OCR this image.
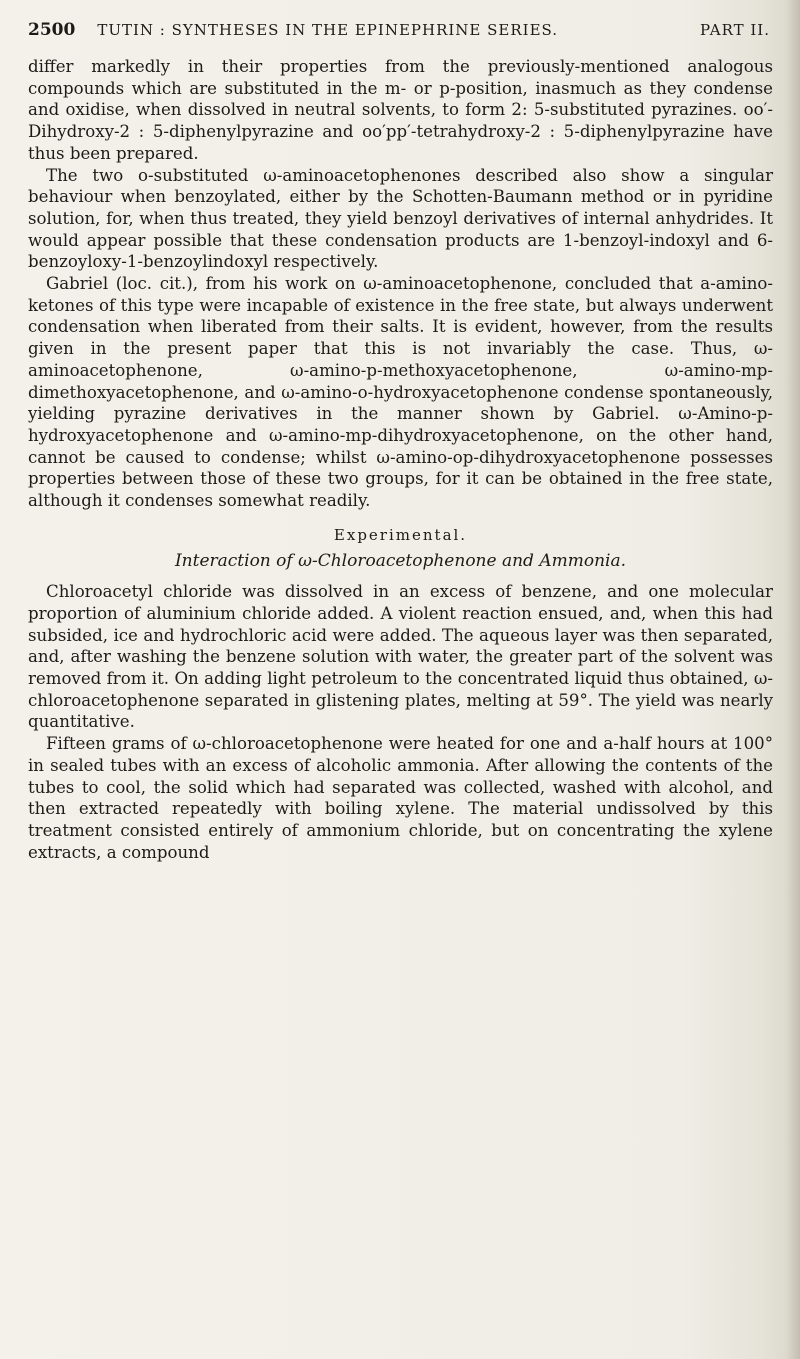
2500 TUTIN : SYNTHESES IN THE EPINEPHRINE SERIES.	PART II.

differ markedly in their properties from the previously-mentioned analogous compounds which are substituted in the m- or p-position, inasmuch as they condense and oxidise, when dissolved in neutral solvents, to form 2: 5-substituted pyrazines. oo′-Dihydroxy-2 : 5-diphenylpyrazine and oo′pp′-tetrahydroxy-2 : 5-diphenylpyrazine have thus been prepared.

The two o-substituted ω-aminoacetophenones described also show a singular behaviour when benzoylated, either by the Schotten-Baumann method or in pyridine solution, for, when thus treated, they yield benzoyl derivatives of internal anhydrides. It would appear possible that these condensation products are 1-benzoyl-indoxyl and 6-benzoyloxy-1-benzoylindoxyl respectively.

Gabriel (loc. cit.), from his work on ω-aminoacetophenone, concluded that a-amino-ketones of this type were incapable of existence in the free state, but always underwent condensation when liberated from their salts. It is evident, however, from the results given in the present paper that this is not invariably the case. Thus, ω-aminoacetophenone, ω-amino-p-methoxyacetophenone, ω-amino-mp-dimethoxyacetophenone, and ω-amino-o-hydroxyacetophenone condense spontaneously, yielding pyrazine derivatives in the manner shown by Gabriel. ω-Amino-p-hydroxyacetophenone and ω-amino-mp-dihydroxyacetophenone, on the other hand, cannot be caused to condense; whilst ω-amino-op-dihydroxyacetophenone possesses properties between those of these two groups, for it can be obtained in the free state, although it condenses somewhat readily.

Experimental.
Interaction of ω-Chloroacetophenone and Ammonia.

Chloroacetyl chloride was dissolved in an excess of benzene, and one molecular proportion of aluminium chloride added. A violent reaction ensued, and, when this had subsided, ice and hydrochloric acid were added. The aqueous layer was then separated, and, after washing the benzene solution with water, the greater part of the solvent was removed from it. On adding light petroleum to the concentrated liquid thus obtained, ω-chloroacetophenone separated in glistening plates, melting at 59°. The yield was nearly quantitative.

Fifteen grams of ω-chloroacetophenone were heated for one and a-half hours at 100° in sealed tubes with an excess of alcoholic ammonia. After allowing the contents of the tubes to cool, the solid which had separated was collected, washed with alcohol, and then extracted repeatedly with boiling xylene. The material undissolved by this treatment consisted entirely of ammonium chloride, but on concentrating the xylene extracts, a compound
